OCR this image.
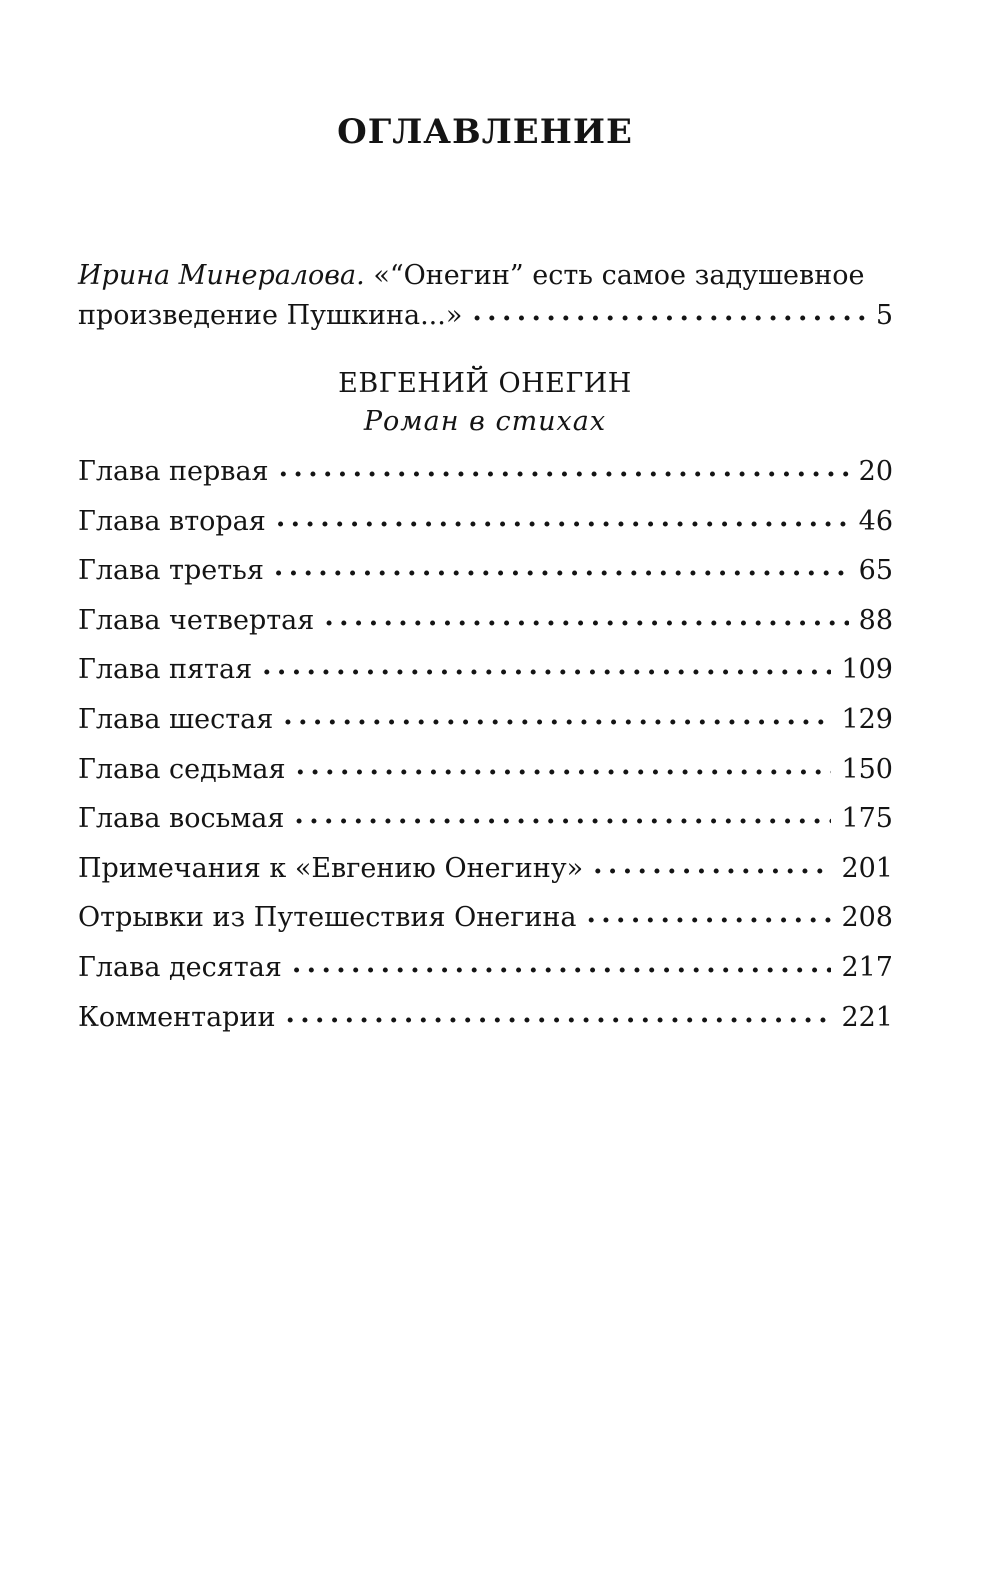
ОГЛАВЛЕНИЕ
Ирина Минералова. «“Онегин” есть самое задушевное
произведение Пушкина...» . . .	5
ЕВГЕНИЙ ОНЕГИН
Роман в стихах
Глава первая . . .	20
Глава вторая . . .	46
Глава третья . . .	65
Глава четвертая . . .	88
Глава пятая . . .	109
Глава шестая . . .	129
Глава седьмая . . .	150
Глава восьмая . . .	175
Примечания к «Евгению Онегину» . . .	201
Отрывки из Путешествия Онегина . . .	208
Глава десятая . . .	217
Комментарии . . .	221
